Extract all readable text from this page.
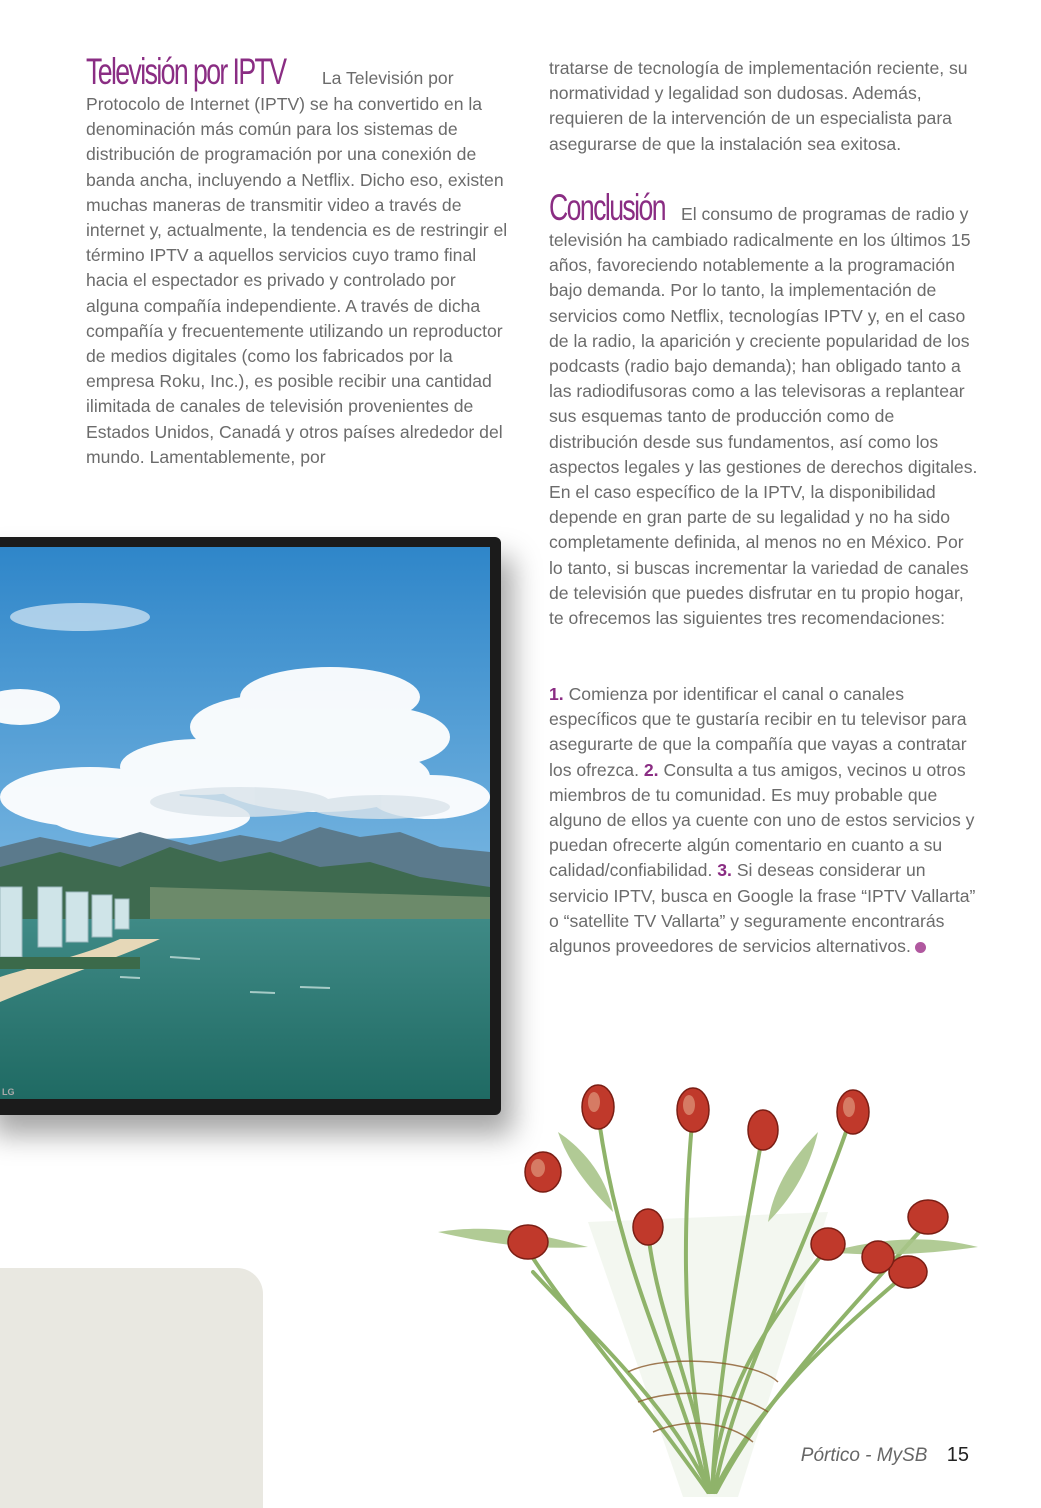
Televisión por IPTV La Televisión por Protocolo de Internet (IPTV) se ha convertido en la denominación más común para los sistemas de distribución de programación por una conexión de banda ancha, incluyendo a Netflix. Dicho eso, existen muchas maneras de transmitir video a través de internet y, actualmente, la tendencia es de restringir el término IPTV a aquellos servicios cuyo tramo final hacia el espectador es privado y controlado por alguna compañía independiente. A través de dicha compañía y frecuentemente utilizando un reproductor de medios digitales (como los fabricados por la empresa Roku, Inc.), es posible recibir una cantidad ilimitada de canales de televisión provenientes de Estados Unidos, Canadá y otros países alrededor del mundo. Lamentablemente, por

tratarse de tecnología de implementación reciente, su normatividad y legalidad son dudosas. Además, requieren de la intervención de un especialista para asegurarse de que la instalación sea exitosa.

Conclusión El consumo de programas de radio y televisión ha cambiado radicalmente en los últimos 15 años, favoreciendo notablemente a la programación bajo demanda. Por lo tanto, la implementación de servicios como Netflix, tecnologías IPTV y, en el caso de la radio, la aparición y creciente popularidad de los podcasts (radio bajo demanda); han obligado tanto a las radiodifusoras como a las televisoras a replantear sus esquemas tanto de producción como de distribución desde sus fundamentos, así como los aspectos legales y las gestiones de derechos digitales. En el caso específico de la IPTV, la disponibilidad depende en gran parte de su legalidad y no ha sido completamente definida, al menos no en México. Por lo tanto, si buscas incrementar la variedad de canales de televisión que puedes disfrutar en tu propio hogar, te ofrecemos las siguientes tres recomendaciones:

1. Comienza por identificar el canal o canales específicos que te gustaría recibir en tu televisor para asegurarte de que la compañía que vayas a contratar los ofrezca. 2. Consulta a tus amigos, vecinos u otros miembros de tu comunidad. Es muy probable que alguno de ellos ya cuente con uno de estos servicios y puedan ofrecerte algún comentario en cuanto a su calidad/confiabilidad. 3. Si deseas considerar un servicio IPTV, busca en Google la frase “IPTV Vallarta” o “satellite TV Vallarta” y seguramente encontrarás algunos proveedores de servicios alternativos.

LG
Pórtico - MySB 15
